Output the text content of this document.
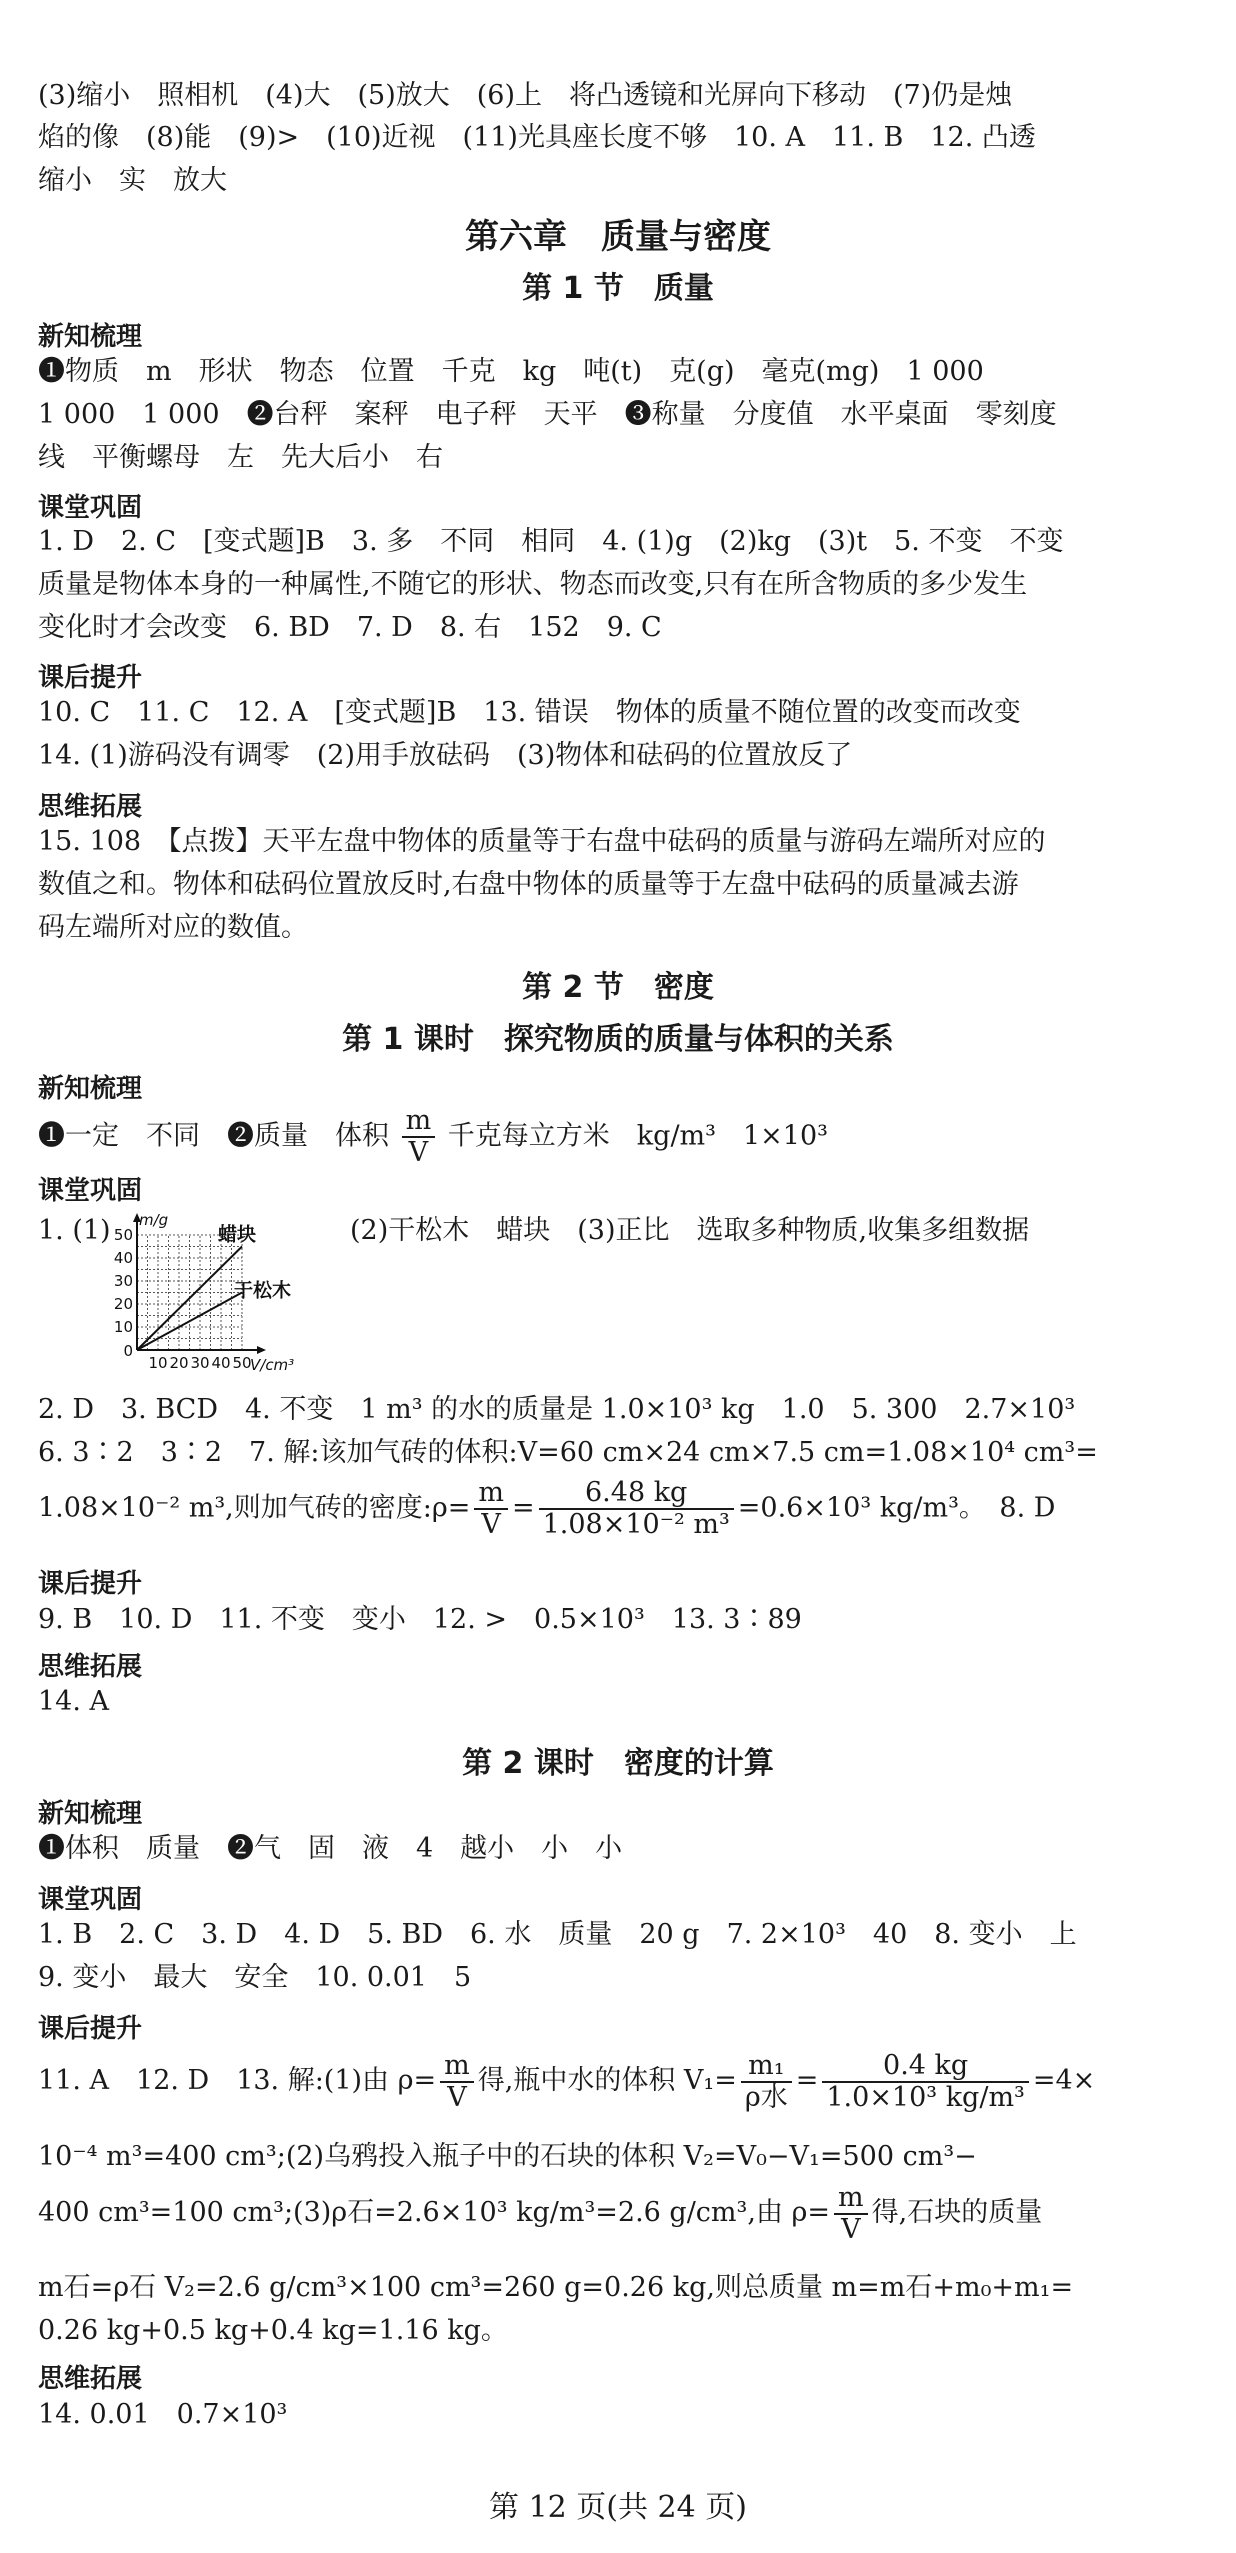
(3)缩小　照相机　(4)大　(5)放大　(6)上　将凸透镜和光屏向下移动　(7)仍是烛
焰的像　(8)能　(9)>　(10)近视　(11)光具座长度不够　10. A　11. B　12. 凸透
缩小　实　放大
第六章　质量与密度
第 1 节　质量
新知梳理
❶物质　m　形状　物态　位置　千克　kg　吨(t)　克(g)　毫克(mg)　1 000
1 000　1 000　❷台秤　案秤　电子秤　天平　❸称量　分度值　水平桌面　零刻度
线　平衡螺母　左　先大后小　右
课堂巩固
1. D　2. C　[变式题]B　3. 多　不同　相同　4. (1)g　(2)kg　(3)t　5. 不变　不变
质量是物体本身的一种属性,不随它的形状、物态而改变,只有在所含物质的多少发生
变化时才会改变　6. BD　7. D　8. 右　152　9. C
课后提升
10. C　11. C　12. A　[变式题]B　13. 错误　物体的质量不随位置的改变而改变
14. (1)游码没有调零　(2)用手放砝码　(3)物体和砝码的位置放反了
思维拓展
15. 108　【点拨】天平左盘中物体的质量等于右盘中砝码的质量与游码左端所对应的
数值之和。物体和砝码位置放反时,右盘中物体的质量等于左盘中砝码的质量减去游
码左端所对应的数值。
第 2 节　密度
第 1 课时　探究物质的质量与体积的关系
新知梳理
❶一定　不同　❷质量　体积 $\frac{m}{V}$ 千克每立方米　kg/m³　1×10³
课堂巩固
1. (1)
10 20 30 40 50
10
20
30
40
50
0
V/cm³
m/g
蜡块
干松木
(2)干松木　蜡块　(3)正比　选取多种物质,收集多组数据
2. D　3. BCD　4. 不变　1 m³ 的水的质量是 1.0×10³ kg　1.0　5. 300　2.7×10³
6. 3∶2　3∶2　7. 解:该加气砖的体积:V=60 cm×24 cm×7.5 cm=1.08×10⁴ cm³=
1.08×10⁻² m³,则加气砖的密度:ρ= $\frac{m}{V} = \frac{6.48 kg}{\text{1.08×10⁻² m³}} =0.6\times 10^3$ kg/m³。　8. D
课后提升
9. B　10. D　11. 不变　变小　12. >　0.5×10³　13. 3∶89
思维拓展
14. A
第 2 课时　密度的计算
新知梳理
❶体积　质量　❷气　固　液　4　越小　小　小
课堂巩固
1. B　2. C　3. D　4. D　5. BD　6. 水　质量　20 g　7. 2×10³　40　8. 变小　上
9. 变小　最大　安全　10. 0.01　5
课后提升
11. A　12. D　13. 解:(1)由 $\rho= \frac{m}{V}$ 得,瓶中水的体积 $V_1= \frac{\text{m₁}}{\text{ρ水}} = \frac{0.4 kg}{\text{1.0×10³ kg/m³}} =4\times$
10⁻⁴ m³=400 cm³;(2)乌鸦投入瓶子中的石块的体积 V₂=V₀−V₁=500 cm³−
400 cm³=100 cm³;(3)ρ石=2.6×10³ kg/m³=2.6 g/cm³,由 $\rho= \frac{m}{V}$ 得,石块的质量
m石=ρ石 V₂=2.6 g/cm³×100 cm³=260 g=0.26 kg,则总质量 m=m石+m₀+m₁=
0.26 kg+0.5 kg+0.4 kg=1.16 kg。
思维拓展
14. 0.01　0.7×10³
第 12 页(共 24 页)
